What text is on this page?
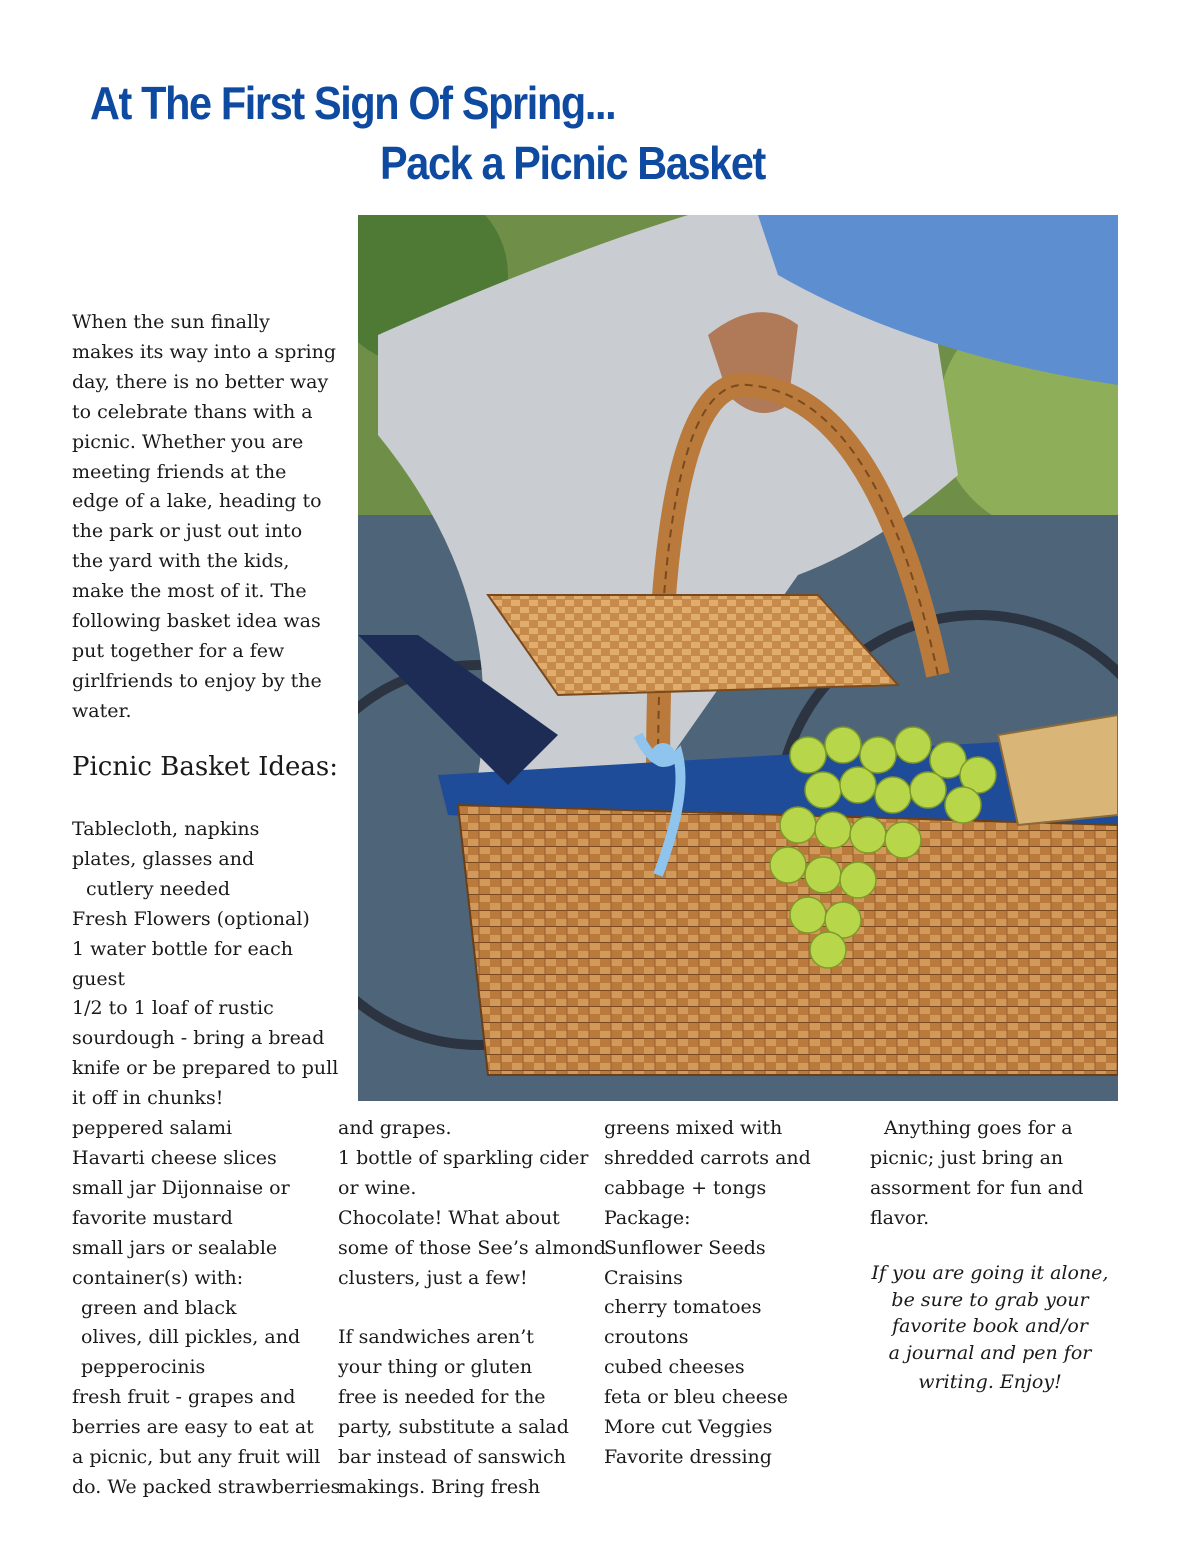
At The First Sign Of Spring...
Pack a Picnic Basket
When the sun finally
makes its way into a spring
day, there is no better way
to celebrate thans with a
picnic. Whether you are
meeting friends at the
edge of a lake, heading to
the park or just out into
the yard with the kids,
make the most of it. The
following basket idea was
put together for a few
girlfriends to enjoy by the
water.
Picnic Basket Ideas:
Tablecloth, napkins
plates, glasses and
cutlery needed
Fresh Flowers (optional)
1 water bottle for each
guest
1/2 to 1 loaf of rustic
sourdough - bring a bread
knife or be prepared to pull
it off in chunks!
peppered salami
Havarti cheese slices
small jar Dijonnaise or
favorite mustard
small jars or sealable
container(s) with:
green and black
olives, dill pickles, and
pepperocinis
fresh fruit - grapes and
berries are easy to eat at
a picnic, but any fruit will
do. We packed strawberries
and grapes.
1 bottle of sparkling cider
or wine.
Chocolate! What about
some of those See’s almond
clusters, just a few!
If sandwiches aren’t
your thing or gluten
free is needed for the
party, substitute a salad
bar instead of sanswich
makings. Bring fresh
greens mixed with
shredded carrots and
cabbage + tongs
Package:
Sunflower Seeds
Craisins
cherry tomatoes
croutons
cubed cheeses
feta or bleu cheese
More cut Veggies
Favorite dressing
Anything goes for a
picnic; just bring an
assorment for fun and
flavor.
If you are going it alone,
be sure to grab your
favorite book and/or
a journal and pen for
writing. Enjoy!
